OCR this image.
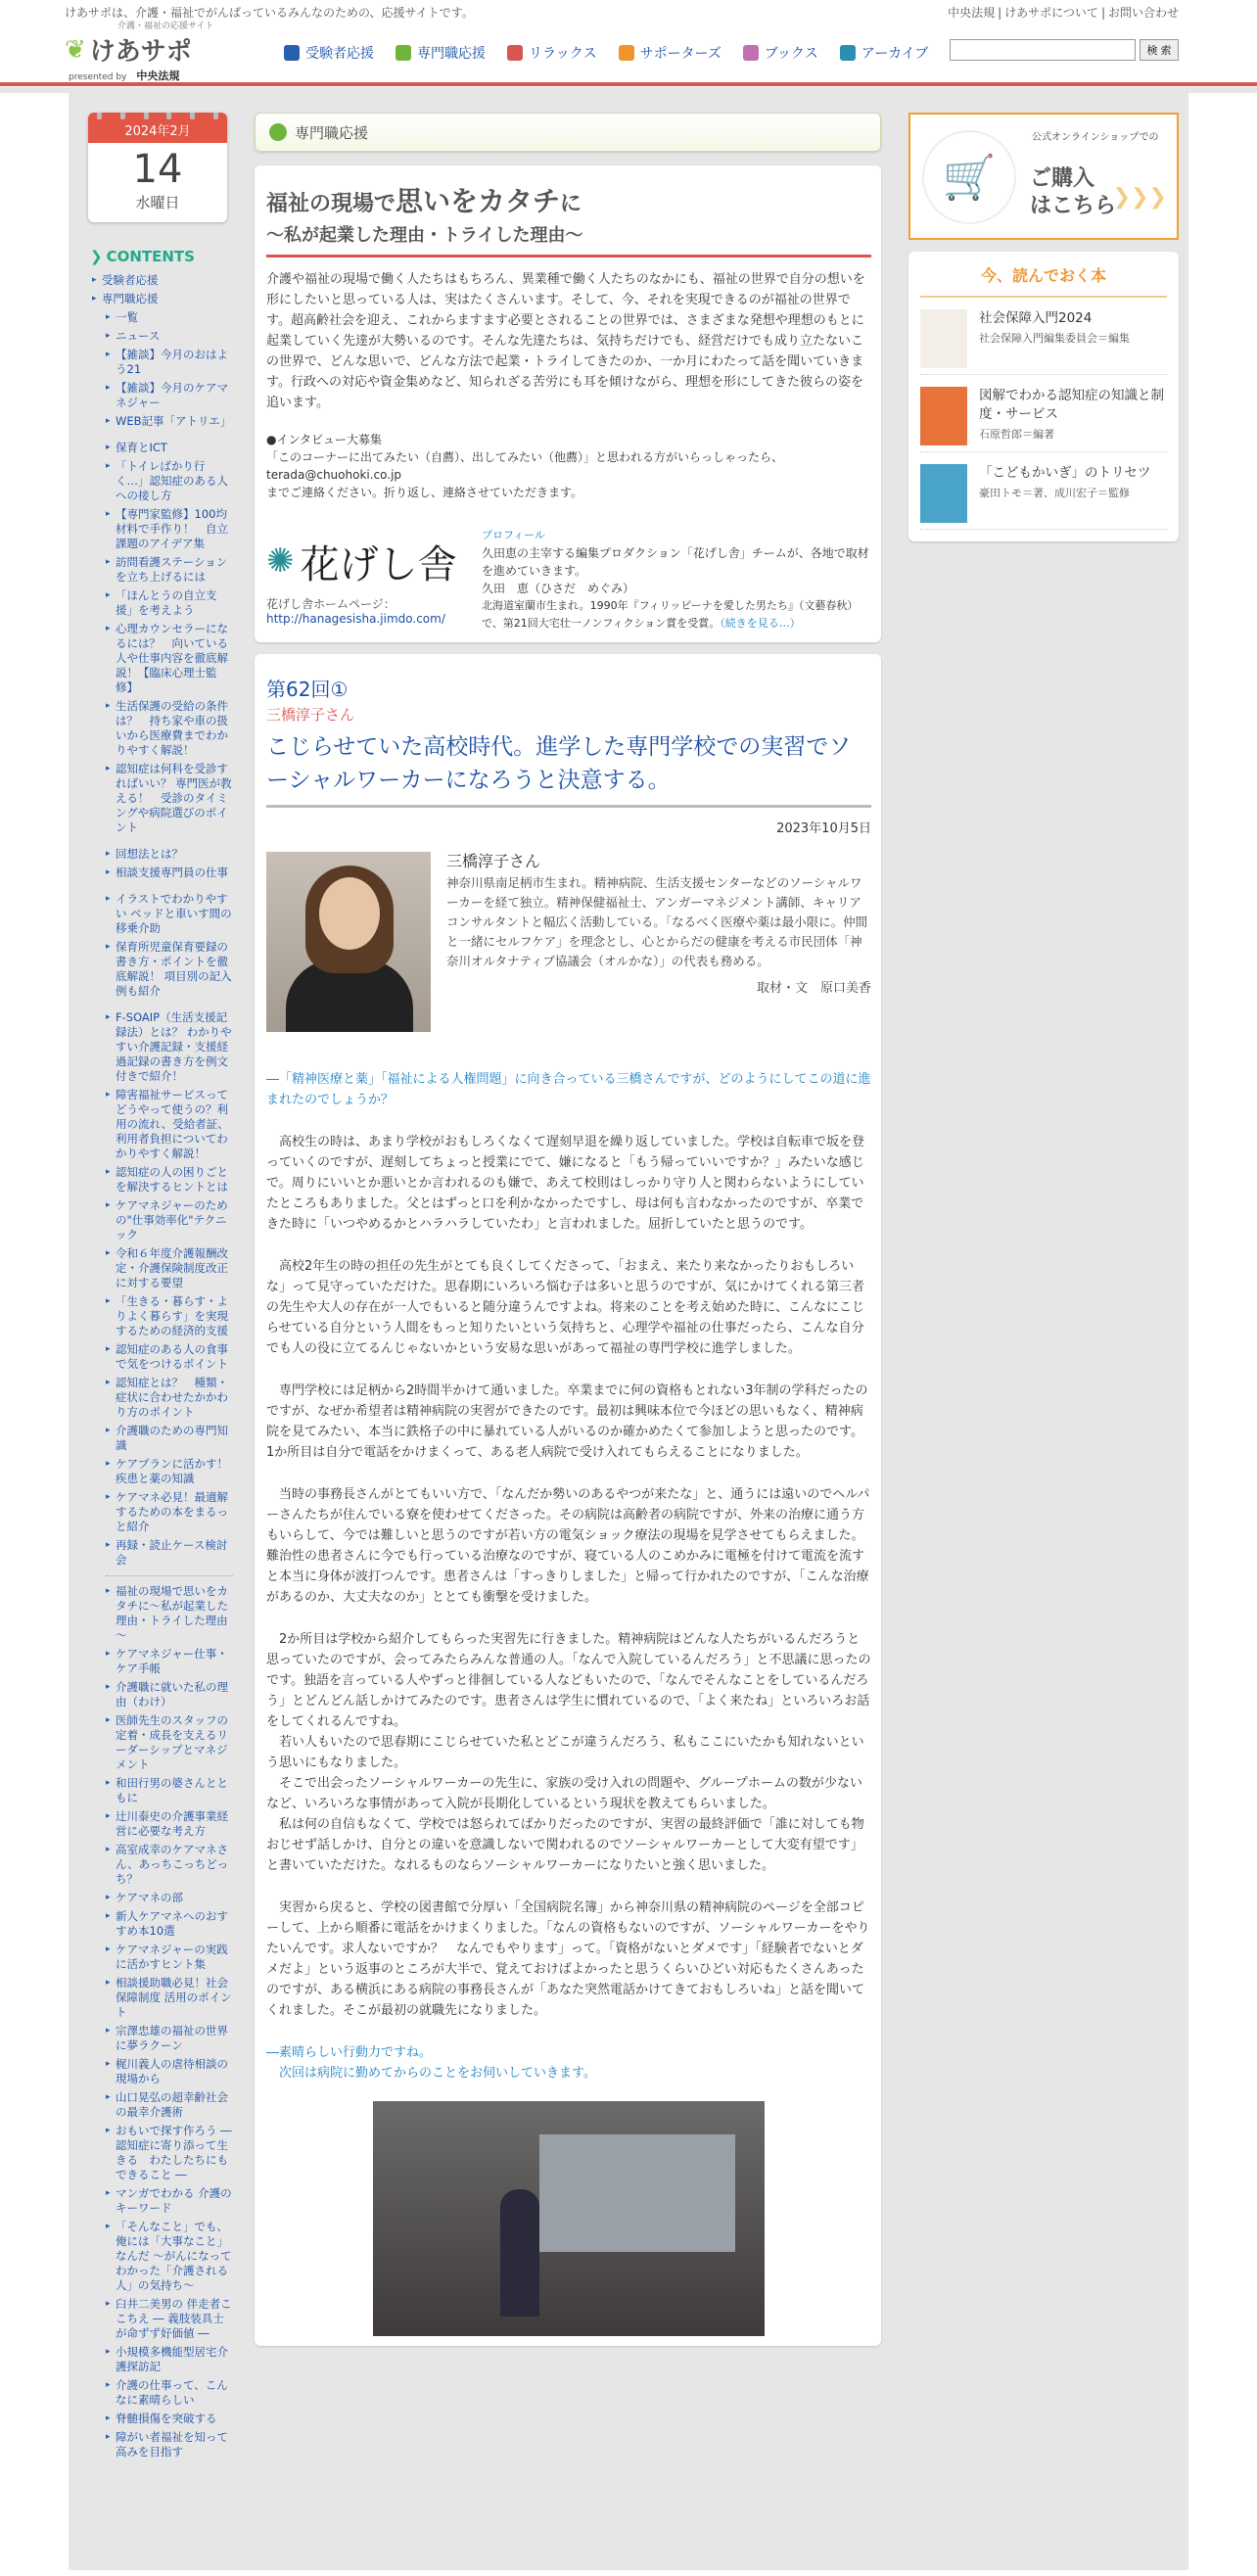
けあサポは、介護・福祉でがんばっているみんなのための、応援サイトです。	中央法規 | けあサポについて | お問い合わせ
介護・福祉の応援サイト
❦ けあサポ
presented by 中央法規
受験者応援	専門職応援	リラックス	サポーターズ	ブックス	アーカイブ	検 索
2024年2月
14
水曜日
❯ CONTENTS
▸ 受験者応援
▸ 専門職応援
▸ 一覧
▸ ニュース
▸ 【雑談】今月のおはよう21
▸ 【雑談】今月のケアマネジャー
▸ WEB記事「アトリエ」
▸ 保育とICT
▸ 「トイレばかり行く…」認知症のある人への接し方
▸ 【専門家監修】100均材料で手作り！　自立課題のアイデア集
▸ 訪問看護ステーションを立ち上げるには
▸ 「ほんとうの自立支援」を考えよう
▸ 心理カウンセラーになるには？　向いている人や仕事内容を徹底解説！【臨床心理士監修】
▸ 生活保護の受給の条件は？　持ち家や車の扱いから医療費までわかりやすく解説！
▸ 認知症は何科を受診すればいい？ 専門医が教える！　受診のタイミングや病院選びのポイント
▸ 回想法とは？
▸ 相談支援専門員の仕事
▸ イラストでわかりやすい ベッドと車いす間の移乗介助
▸ 保育所児童保育要録の書き方・ポイントを徹底解説！ 項目別の記入例も紹介
▸ F-SOAIP（生活支援記録法）とは？ わかりやすい介護記録・支援経過記録の書き方を例文付きで紹介！
▸ 障害福祉サービスってどうやって使うの？利用の流れ、受給者証、利用者負担についてわかりやすく解説！
▸ 認知症の人の困りごとを解決するヒントとは
▸ ケアマネジャーのための"仕事効率化"テクニック
▸ 令和６年度介護報酬改定・介護保険制度改正に対する要望
▸ 「生きる・暮らす・よりよく暮らす」を実現するための経済的支援
▸ 認知症のある人の食事で気をつけるポイント
▸ 認知症とは？　種類・症状に合わせたかかわり方のポイント
▸ 介護職のための専門知識
▸ ケアプランに活かす！疾患と薬の知識
▸ ケアマネ必見！最適解するための本をまるっと紹介
▸ 再録・読止ケース検討会
▸ 福祉の現場で思いをカタチに～私が起業した理由・トライした理由～
▸ ケアマネジャー仕事・ケア手帳
▸ 介護職に就いた私の理由（わけ）
▸ 医師先生のスタッフの定着・成長を支えるリーダーシップとマネジメント
▸ 和田行男の婆さんとともに
▸ 辻川泰史の介護事業経営に必要な考え方
▸ 高室成幸のケアマネさん、あっちこっちどっち？
▸ ケアマネの部
▸ 新人ケアマネへのおすすめ本10選
▸ ケアマネジャーの実践に活かすヒント集
▸ 相談援助職必見！社会保障制度 活用のポイント
▸ 宗澤忠雄の福祉の世界に夢ラクーン
▸ 梶川義人の虐待相談の現場から
▸ 山口晃弘の超幸齢社会の最幸介護術
▸ おもいで探す作ろう ― 認知症に寄り添って生きる　わたしたちにもできること ―
▸ マンガでわかる 介護のキーワード
▸ 「そんなこと」でも、俺には「大事なこと」なんだ ～がんになってわかった「介護される人」の気持ち～
▸ 臼井二美男の 伴走者ここちえ ― 義肢装具士が命ずず好価値 ―
▸ 小規模多機能型居宅介護探訪記
▸ 介護の仕事って、こんなに素晴らしい
▸ 脊髄損傷を突破する
▸ 障がい者福祉を知って高みを目指す
専門職応援
福祉の現場で思いをカタチに
～私が起業した理由・トライした理由～

介護や福祉の現場で働く人たちはもちろん、異業種で働く人たちのなかにも、福祉の世界で自分の想いを形にしたいと思っている人は、実はたくさんいます。そして、今、それを実現できるのが福祉の世界です。超高齢社会を迎え、これからますます必要とされることの世界では、さまざまな発想や理想のもとに起業していく先達が大勢いるのです。そんな先達たちは、気持ちだけでも、経営だけでも成り立たないこの世界で、どんな思いで、どんな方法で起業・トライしてきたのか、一か月にわたって話を聞いていきます。行政への対応や資金集めなど、知られざる苦労にも耳を傾けながら、理想を形にしてきた彼らの姿を追います。

●インタビュー大募集
「このコーナーに出てみたい（自薦）、出してみたい（他薦）」と思われる方がいらっしゃったら、
terada@chuohoki.co.jp
までご連絡ください。折り返し、連絡させていただきます。

✺ 花げし舎
花げし舎ホームページ：
http://hanagesisha.jimdo.com/
プロフィール
久田恵の主宰する編集プロダクション「花げし舎」チームが、各地で取材を進めていきます。
久田　恵（ひさだ　めぐみ）
北海道室蘭市生まれ。1990年『フィリッピーナを愛した男たち』（文藝春秋）で、第21回大宅壮一ノンフィクション賞を受賞。（続きを見る…）
第62回①
三橋淳子さん
こじらせていた高校時代。進学した専門学校での実習でソーシャルワーカーになろうと決意する。
2023年10月5日
三橋淳子さん
神奈川県南足柄市生まれ。精神病院、生活支援センターなどのソーシャルワーカーを経て独立。精神保健福祉士、アンガーマネジメント講師、キャリアコンサルタントと幅広く活動している。「なるべく医療や薬は最小限に。仲間と一緒にセルフケア」を理念とし、心とからだの健康を考える市民団体「神奈川オルタナティブ協議会（オルかな）」の代表も務める。
取材・文　原口美香

―「精神医療と薬」「福祉による人権問題」に向き合っている三橋さんですが、どのようにしてこの道に進まれたのでしょうか？

　高校生の時は、あまり学校がおもしろくなくて遅刻早退を繰り返していました。学校は自転車で坂を登っていくのですが、遅刻してちょっと授業にでて、嫌になると「もう帰っていいですか？」みたいな感じで。周りにいいとか悪いとか言われるのも嫌で、あえて校則はしっかり守り人と関わらないようにしていたところもありました。父とはずっと口を利かなかったですし、母は何も言わなかったのですが、卒業できた時に「いつやめるかとハラハラしていたわ」と言われました。屈折していたと思うのです。

　高校2年生の時の担任の先生がとても良くしてくださって、「おまえ、来たり来なかったりおもしろいな」って見守っていただけた。思春期にいろいろ悩む子は多いと思うのですが、気にかけてくれる第三者の先生や大人の存在が一人でもいると随分違うんですよね。将来のことを考え始めた時に、こんなにこじらせている自分という人間をもっと知りたいという気持ちと、心理学や福祉の仕事だったら、こんな自分でも人の役に立てるんじゃないかという安易な思いがあって福祉の専門学校に進学しました。

　専門学校には足柄から2時間半かけて通いました。卒業までに何の資格もとれない3年制の学科だったのですが、なぜか希望者は精神病院の実習ができたのです。最初は興味本位で今ほどの思いもなく、精神病院を見てみたい、本当に鉄格子の中に暴れている人がいるのか確かめたくて参加しようと思ったのです。1か所目は自分で電話をかけまくって、ある老人病院で受け入れてもらえることになりました。

　当時の事務長さんがとてもいい方で、「なんだか勢いのあるやつが来たな」と、通うには遠いのでヘルパーさんたちが住んでいる寮を使わせてくださった。その病院は高齢者の病院ですが、外来の治療に通う方もいらして、今では難しいと思うのですが若い方の電気ショック療法の現場を見学させてもらえました。難治性の患者さんに今でも行っている治療なのですが、寝ている人のこめかみに電極を付けて電流を流すと本当に身体が波打つんです。患者さんは「すっきりしました」と帰って行かれたのですが、「こんな治療があるのか、大丈夫なのか」ととても衝撃を受けました。

　2か所目は学校から紹介してもらった実習先に行きました。精神病院はどんな人たちがいるんだろうと思っていたのですが、会ってみたらみんな普通の人。「なんで入院しているんだろう」と不思議に思ったのです。独語を言っている人やずっと徘徊している人などもいたので、「なんでそんなことをしているんだろう」とどんどん話しかけてみたのです。患者さんは学生に慣れているので、「よく来たね」といろいろお話をしてくれるんですね。
　若い人もいたので思春期にこじらせていた私とどこが違うんだろう、私もここにいたかも知れないという思いにもなりました。
　そこで出会ったソーシャルワーカーの先生に、家族の受け入れの問題や、グループホームの数が少ないなど、いろいろな事情があって入院が長期化しているという現状を教えてもらいました。
　私は何の自信もなくて、学校では怒られてばかりだったのですが、実習の最終評価で「誰に対しても物おじせず話しかけ、自分との違いを意識しないで関われるのでソーシャルワーカーとして大変有望です」と書いていただけた。なれるものならソーシャルワーカーになりたいと強く思いました。

　実習から戻ると、学校の図書館で分厚い「全国病院名簿」から神奈川県の精神病院のページを全部コピーして、上から順番に電話をかけまくりました。「なんの資格もないのですが、ソーシャルワーカーをやりたいんです。求人ないですか？　なんでもやります」って。「資格がないとダメです」「経験者でないとダメだよ」という返事のところが大半で、覚えておけばよかったと思うくらいひどい対応もたくさんあったのですが、ある横浜にある病院の事務長さんが「あなた突然電話かけてきておもしろいね」と話を聞いてくれました。そこが最初の就職先になりました。

―素晴らしい行動力ですね。
　次回は病院に勤めてからのことをお伺いしていきます。

🛒
公式オンラインショップでの
ご購入
はこちら
❯❯❯
今、読んでおく本
社会保障入門2024
社会保障入門編集委員会＝編集
図解でわかる認知症の知識と制度・サービス
石原哲郎＝編著
「こどもかいぎ」のトリセツ
豪田トモ＝著、成川宏子＝監修
